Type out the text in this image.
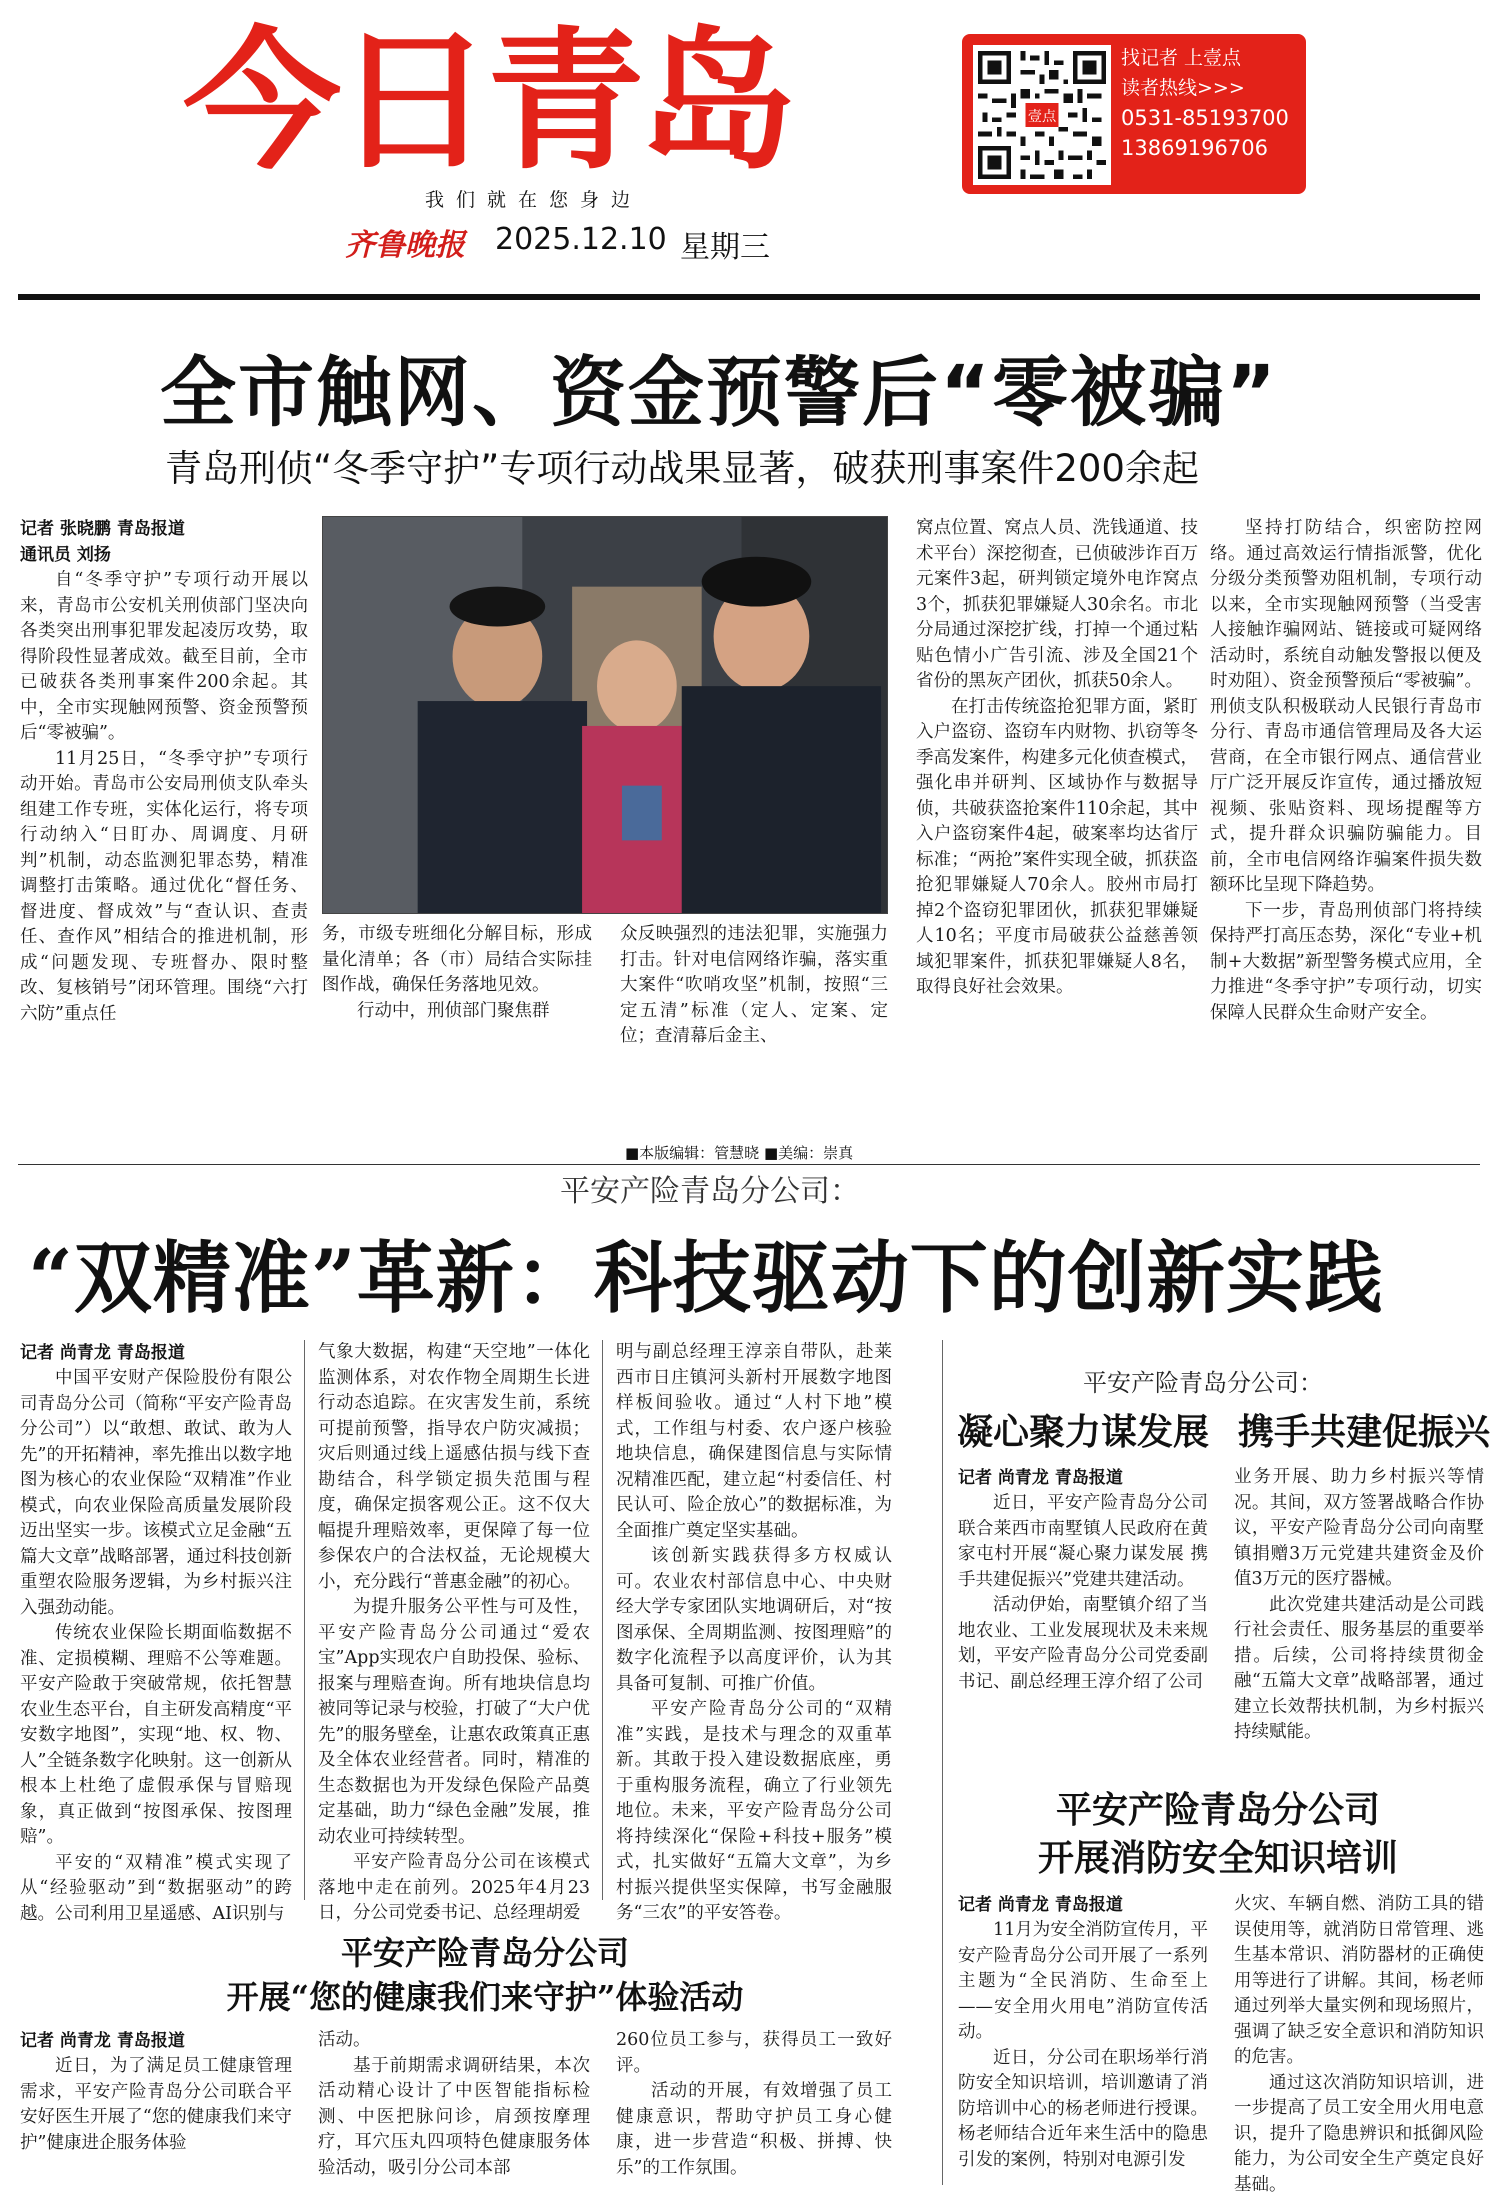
今日青岛
我们就在您身边
齐鲁晚报 2025.12.10 星期三
壹点
找记者 上壹点
读者热线>>>
0531-85193700
13869196706
全市触网、资金预警后“零被骗”
青岛刑侦“冬季守护”专项行动战果显著，破获刑事案件200余起
记者 张晓鹏 青岛报道
通讯员 刘扬

自“冬季守护”专项行动开展以来，青岛市公安机关刑侦部门坚决向各类突出刑事犯罪发起凌厉攻势，取得阶段性显著成效。截至目前，全市已破获各类刑事案件200余起。其中，全市实现触网预警、资金预警预后“零被骗”。

11月25日，“冬季守护”专项行动开始。青岛市公安局刑侦支队牵头组建工作专班，实体化运行，将专项行动纳入“日盯办、周调度、月研判”机制，动态监测犯罪态势，精准调整打击策略。通过优化“督任务、督进度、督成效”与“查认识、查责任、查作风”相结合的推进机制，形成“问题发现、专班督办、限时整改、复核销号”闭环管理。围绕“六打六防”重点任

务，市级专班细化分解目标，形成量化清单；各（市）局结合实际挂图作战，确保任务落地见效。

行动中，刑侦部门聚焦群

众反映强烈的违法犯罪，实施强力打击。针对电信网络诈骗，落实重大案件“吹哨攻坚”机制，按照“三定五清”标准（定人、定案、定位；查清幕后金主、

窝点位置、窝点人员、洗钱通道、技术平台）深挖彻查，已侦破涉诈百万元案件3起，研判锁定境外电诈窝点3个，抓获犯罪嫌疑人30余名。市北分局通过深挖扩线，打掉一个通过粘贴色情小广告引流、涉及全国21个省份的黑灰产团伙，抓获50余人。

在打击传统盗抢犯罪方面，紧盯入户盗窃、盗窃车内财物、扒窃等冬季高发案件，构建多元化侦查模式，强化串并研判、区域协作与数据导侦，共破获盗抢案件110余起，其中入户盗窃案件4起，破案率均达省厅标准；“两抢”案件实现全破，抓获盗抢犯罪嫌疑人70余人。胶州市局打掉2个盗窃犯罪团伙，抓获犯罪嫌疑人10名；平度市局破获公益慈善领域犯罪案件，抓获犯罪嫌疑人8名，取得良好社会效果。

坚持打防结合，织密防控网络。通过高效运行情指派警，优化分级分类预警劝阻机制，专项行动以来，全市实现触网预警（当受害人接触诈骗网站、链接或可疑网络活动时，系统自动触发警报以便及时劝阻）、资金预警预后“零被骗”。刑侦支队积极联动人民银行青岛市分行、青岛市通信管理局及各大运营商，在全市银行网点、通信营业厅广泛开展反诈宣传，通过播放短视频、张贴资料、现场提醒等方式，提升群众识骗防骗能力。目前，全市电信网络诈骗案件损失数额环比呈现下降趋势。

下一步，青岛刑侦部门将持续保持严打高压态势，深化“专业+机制+大数据”新型警务模式应用，全力推进“冬季守护”专项行动，切实保障人民群众生命财产安全。

平安产险青岛分公司：
■本版编辑：管慧晓 ■美编：崇真
“双精准”革新：科技驱动下的创新实践
记者 尚青龙 青岛报道

中国平安财产保险股份有限公司青岛分公司（简称“平安产险青岛分公司”）以“敢想、敢试、敢为人先”的开拓精神，率先推出以数字地图为核心的农业保险“双精准”作业模式，向农业保险高质量发展阶段迈出坚实一步。该模式立足金融“五篇大文章”战略部署，通过科技创新重塑农险服务逻辑，为乡村振兴注入强劲动能。

传统农业保险长期面临数据不准、定损模糊、理赔不公等难题。平安产险敢于突破常规，依托智慧农业生态平台，自主研发高精度“平安数字地图”，实现“地、权、物、人”全链条数字化映射。这一创新从根本上杜绝了虚假承保与冒赔现象，真正做到“按图承保、按图理赔”。

平安的“双精准”模式实现了从“经验驱动”到“数据驱动”的跨越。公司利用卫星遥感、AI识别与

气象大数据，构建“天空地”一体化监测体系，对农作物全周期生长进行动态追踪。在灾害发生前，系统可提前预警，指导农户防灾减损；灾后则通过线上遥感估损与线下查勘结合，科学锁定损失范围与程度，确保定损客观公正。这不仅大幅提升理赔效率，更保障了每一位参保农户的合法权益，无论规模大小，充分践行“普惠金融”的初心。

为提升服务公平性与可及性，平安产险青岛分公司通过“爱农宝”App实现农户自助投保、验标、报案与理赔查询。所有地块信息均被同等记录与校验，打破了“大户优先”的服务壁垒，让惠农政策真正惠及全体农业经营者。同时，精准的生态数据也为开发绿色保险产品奠定基础，助力“绿色金融”发展，推动农业可持续转型。

平安产险青岛分公司在该模式落地中走在前列。2025年4月23日，分公司党委书记、总经理胡爱

明与副总经理王淳亲自带队，赴莱西市日庄镇河头新村开展数字地图样板间验收。通过“人村下地”模式，工作组与村委、农户逐户核验地块信息，确保建图信息与实际情况精准匹配，建立起“村委信任、村民认可、险企放心”的数据标准，为全面推广奠定坚实基础。

该创新实践获得多方权威认可。农业农村部信息中心、中央财经大学专家团队实地调研后，对“按图承保、全周期监测、按图理赔”的数字化流程予以高度评价，认为其具备可复制、可推广价值。

平安产险青岛分公司的“双精准”实践，是技术与理念的双重革新。其敢于投入建设数据底座，勇于重构服务流程，确立了行业领先地位。未来，平安产险青岛分公司将持续深化“保险+科技+服务”模式，扎实做好“五篇大文章”，为乡村振兴提供坚实保障，书写金融服务“三农”的平安答卷。

平安产险青岛分公司：
凝心聚力谋发展 携手共建促振兴
记者 尚青龙 青岛报道

近日，平安产险青岛分公司联合莱西市南墅镇人民政府在黄家屯村开展“凝心聚力谋发展 携手共建促振兴”党建共建活动。

活动伊始，南墅镇介绍了当地农业、工业发展现状及未来规划，平安产险青岛分公司党委副书记、副总经理王淳介绍了公司

业务开展、助力乡村振兴等情况。其间，双方签署战略合作协议，平安产险青岛分公司向南墅镇捐赠3万元党建共建资金及价值3万元的医疗器械。

此次党建共建活动是公司践行社会责任、服务基层的重要举措。后续，公司将持续贯彻金融“五篇大文章”战略部署，通过建立长效帮扶机制，为乡村振兴持续赋能。

平安产险青岛分公司
开展消防安全知识培训
记者 尚青龙 青岛报道

11月为安全消防宣传月，平安产险青岛分公司开展了一系列主题为“全民消防、生命至上——安全用火用电”消防宣传活动。

近日，分公司在职场举行消防安全知识培训，培训邀请了消防培训中心的杨老师进行授课。杨老师结合近年来生活中的隐患引发的案例，特别对电源引发

火灾、车辆自燃、消防工具的错误使用等，就消防日常管理、逃生基本常识、消防器材的正确使用等进行了讲解。其间，杨老师通过列举大量实例和现场照片，强调了缺乏安全意识和消防知识的危害。

通过这次消防知识培训，进一步提高了员工安全用火用电意识，提升了隐患辨识和抵御风险能力，为公司安全生产奠定良好基础。

平安产险青岛分公司
开展“您的健康我们来守护”体验活动
记者 尚青龙 青岛报道

近日，为了满足员工健康管理需求，平安产险青岛分公司联合平安好医生开展了“您的健康我们来守护”健康进企服务体验

活动。

基于前期需求调研结果，本次活动精心设计了中医智能指标检测、中医把脉问诊，肩颈按摩理疗，耳穴压丸四项特色健康服务体验活动，吸引分公司本部

260位员工参与，获得员工一致好评。

活动的开展，有效增强了员工健康意识，帮助守护员工身心健康，进一步营造“积极、拼搏、快乐”的工作氛围。
